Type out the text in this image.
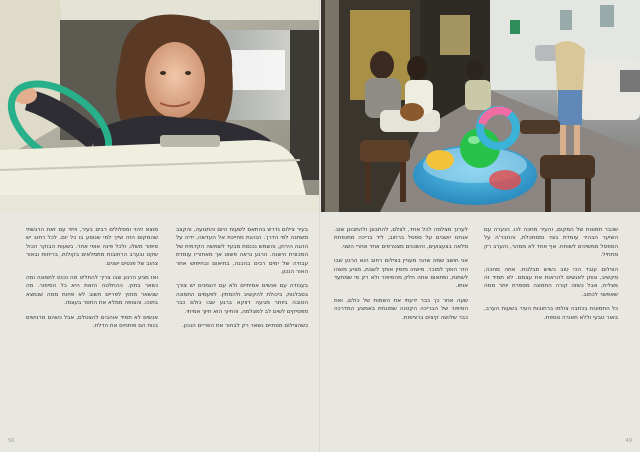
בעיר צילום נדרש בהתאם לשעות היום והתנועה, והקצב משתנה לפי הדרך. הנהגת מחייכת אל העדשה, ידיה על ההגה הירוק, והשמש נכנסת מבעד לשמשה הקדמית של המכונית הישנה. הרגע נראה פשוט אך מאחוריו עומדת עבודה של ימים רבים בהכנה, בתיאום ובחיפוש אחר האור הנכון.

בעבודה עם אנשים אמיתיים ולא עם דוגמנים יש צורך בסבלנות, ביכולת להקשיב ולהמתין. לפעמים התמונה הטובה ביותר מגיעה דווקא ברגע שבו כולם כבר מפסיקים לשים לב למצלמה, והחיוך הוא חיוך אמיתי.

כשהצילום מסתיים נשאר רק לבחור את הפריים הנכון.

מוצא זיהוי ומסלולים רבים בעיר, ויחד עם זאת הרגשתי שהמקום הזה שייך למי שנוסע בו כל יום. לכל רחוב יש סיפור משלו, ולכל פינה אופי אחר. בשעות הבוקר הכול שקט ובערב הרחובות מתמלאים בקולות, בריחות ובאור צהוב של פנסים ישנים.

ואז מגיע הרגע שבו צריך להחליט מה נכנס לתמונה ומה נשאר בחוץ. ההחלטה הזאת היא כל הסיפור. מה שנשאר מחוץ לפריים חשוב לא פחות ממה שנמצא בתוכו, והצופה ממלא את החסר בעצמו.

אנשים לא תמיד אוהבים להצטלם, אבל כשהם מרגישים בנוח הם פותחים את הדלת.

שכבר תמונות של המקום, והעיר מחכה לנו. הנערה עם השיער הבהיר עומדת בצד ומסתכלת, והחבר'ה על הספסל ממשיכים לשוחח. אף אחד לא ממהר, והערב רק מתחיל.

הצילום עובד הכי טוב כשיש סבלנות. אתה מחכה, מקשיב, ונותן לאנשים להראות את עצמם. לא תמיד זה מצליח, אבל כשזה קורה התמונה מספרת יותר ממה שאפשר לכתוב.

כל התמונות בכתבה צולמו ברחובות העיר בשעות הערב, באור טבעי וללא תאורה נוספת.

לערוך מצלמה לכל אחד, לצלם, להתבונן ולהתבונן שוב. אנחנו יושבים על ספסל ברחוב, ליד בריכה מתנפחת מלאה בצעצועים, והשכנים מצטרפים אחד אחרי השני.

אני חושב שמה שהכי מעניין בצילום רחוב הוא הרגע שבו הזר הופך למוכר. מישהו מזמין אותך לשבת, מציע משהו לשתות, ופתאום אתה חלק מהסיפור ולא רק מי שמתעד אותו.

שעה אחר כך כבר ידעתי את השמות של כולם, ואת הסיפור של הבריכה הקטנה שמונחת באמצע המדרכה כבר שלושה קיצים ברציפות.

50	49
